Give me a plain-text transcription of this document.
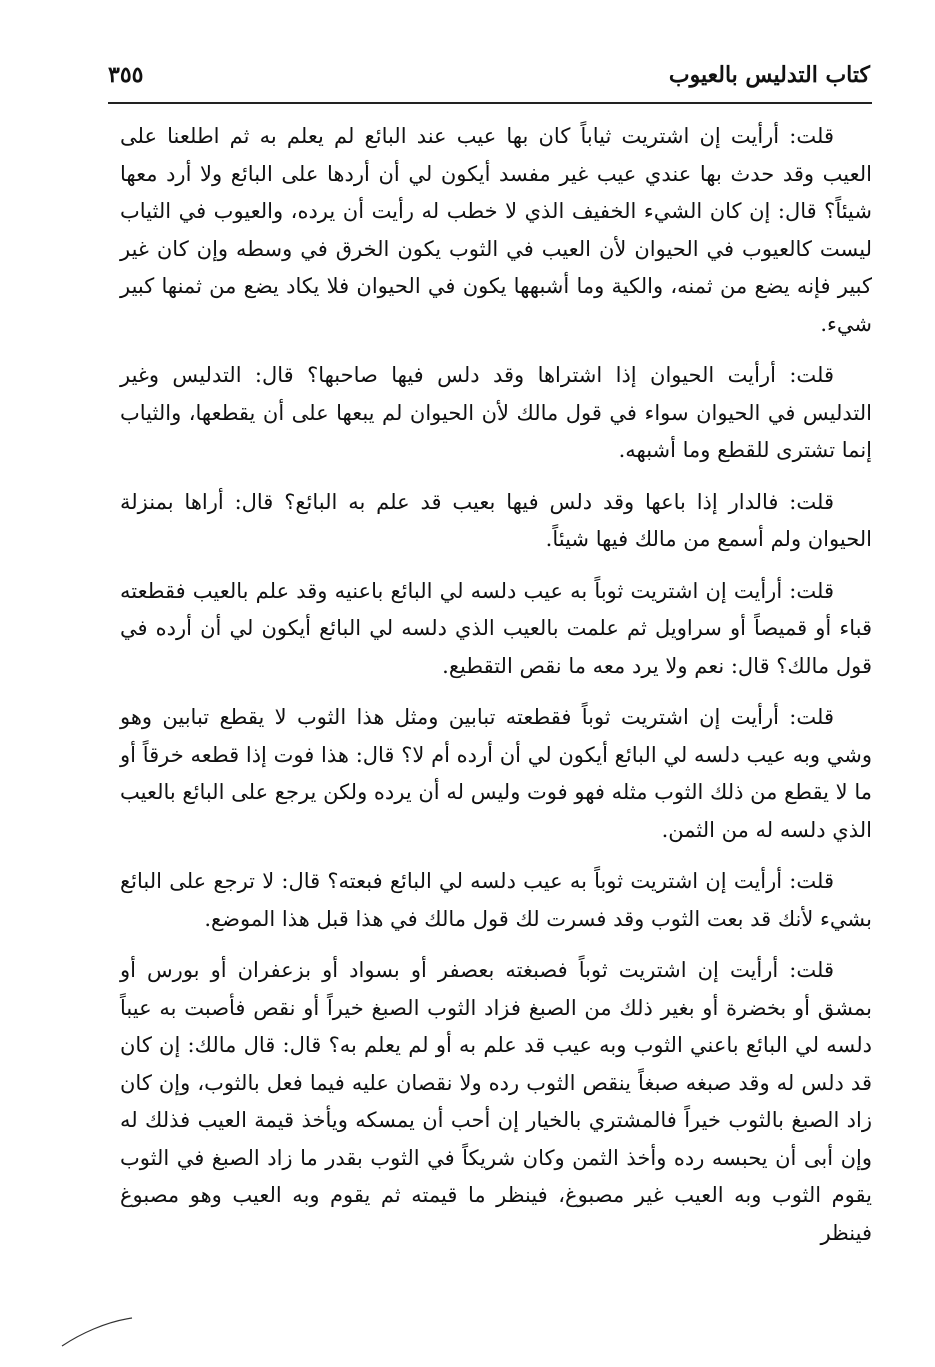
كتاب التدليس بالعيوب
٣٥٥

قلت: أرأيت إن اشتريت ثياباً كان بها عيب عند البائع لم يعلم به ثم اطلعنا على العيب وقد حدث بها عندي عيب غير مفسد أيكون لي أن أردها على البائع ولا أرد معها شيئاً؟ قال: إن كان الشيء الخفيف الذي لا خطب له رأيت أن يرده، والعيوب في الثياب ليست كالعيوب في الحيوان لأن العيب في الثوب يكون الخرق في وسطه وإن كان غير كبير فإنه يضع من ثمنه، والكية وما أشبهها يكون في الحيوان فلا يكاد يضع من ثمنها كبير شيء.

قلت: أرأيت الحيوان إذا اشتراها وقد دلس فيها صاحبها؟ قال: التدليس وغير التدليس في الحيوان سواء في قول مالك لأن الحيوان لم يبعها على أن يقطعها، والثياب إنما تشترى للقطع وما أشبهه.

قلت: فالدار إذا باعها وقد دلس فيها بعيب قد علم به البائع؟ قال: أراها بمنزلة الحيوان ولم أسمع من مالك فيها شيئاً.

قلت: أرأيت إن اشتريت ثوباً به عيب دلسه لي البائع باعنيه وقد علم بالعيب فقطعته قباء أو قميصاً أو سراويل ثم علمت بالعيب الذي دلسه لي البائع أيكون لي أن أرده في قول مالك؟ قال: نعم ولا يرد معه ما نقص التقطيع.

قلت: أرأيت إن اشتريت ثوباً فقطعته تبابين ومثل هذا الثوب لا يقطع تبابين وهو وشي وبه عيب دلسه لي البائع أيكون لي أن أرده أم لا؟ قال: هذا فوت إذا قطعه خرقاً أو ما لا يقطع من ذلك الثوب مثله فهو فوت وليس له أن يرده ولكن يرجع على البائع بالعيب الذي دلسه له من الثمن.

قلت: أرأيت إن اشتريت ثوباً به عيب دلسه لي البائع فبعته؟ قال: لا ترجع على البائع بشيء لأنك قد بعت الثوب وقد فسرت لك قول مالك في هذا قبل هذا الموضع.

قلت: أرأيت إن اشتريت ثوباً فصبغته بعصفر أو بسواد أو بزعفران أو بورس أو بمشق أو بخضرة أو بغير ذلك من الصبغ فزاد الثوب الصبغ خيراً أو نقص فأصبت به عيباً دلسه لي البائع باعني الثوب وبه عيب قد علم به أو لم يعلم به؟ قال: قال مالك: إن كان قد دلس له وقد صبغه صبغاً ينقص الثوب رده ولا نقصان عليه فيما فعل بالثوب، وإن كان زاد الصبغ بالثوب خيراً فالمشتري بالخيار إن أحب أن يمسكه ويأخذ قيمة العيب فذلك له وإن أبى أن يحبسه رده وأخذ الثمن وكان شريكاً في الثوب بقدر ما زاد الصبغ في الثوب يقوم الثوب وبه العيب غير مصبوغ، فينظر ما قيمته ثم يقوم وبه العيب وهو مصبوغ فينظر
